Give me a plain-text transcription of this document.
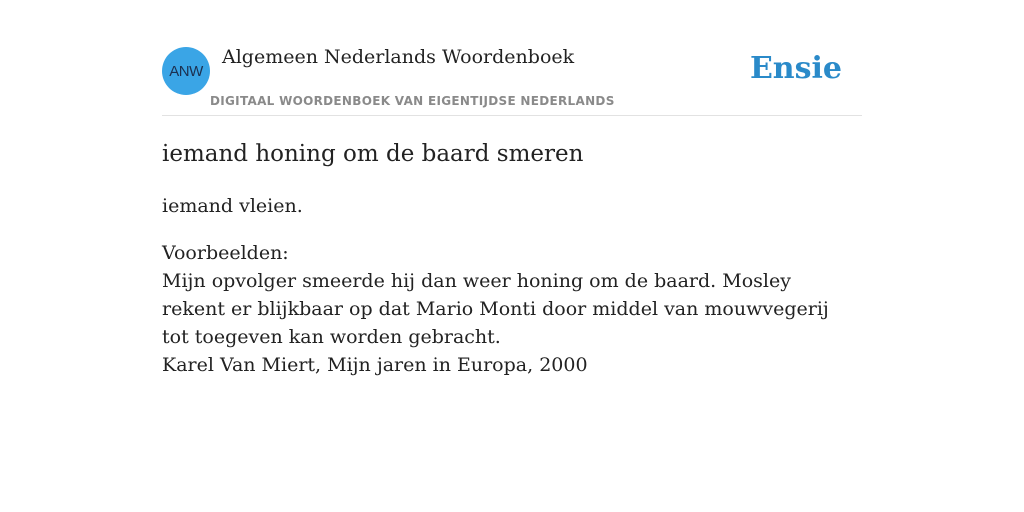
ANW
Algemeen Nederlands Woordenboek
DIGITAAL WOORDENBOEK VAN EIGENTIJDSE NEDERLANDS
Ensie
iemand honing om de baard smeren

iemand vleien.

Voorbeelden:
Mijn opvolger smeerde hij dan weer honing om de baard. Mosley rekent er blijkbaar op dat Mario Monti door middel van mouwvegerij tot toegeven kan worden gebracht.
Karel Van Miert, Mijn jaren in Europa, 2000
